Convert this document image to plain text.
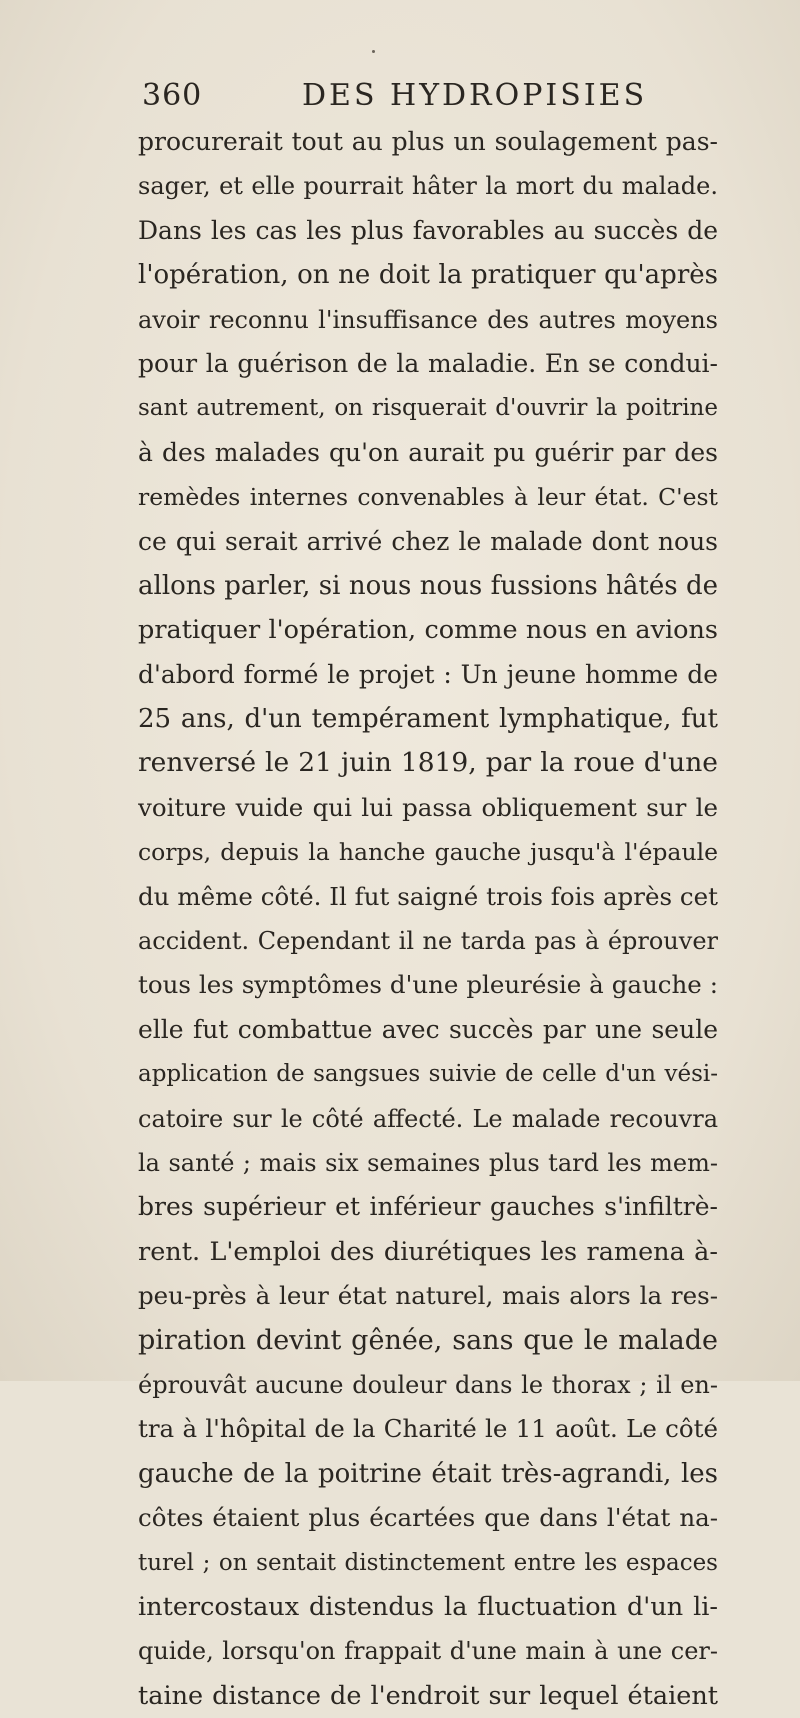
360	DES HYDROPISIES
procurerait tout au plus un soulagement pas-
sager, et elle pourrait hâter la mort du malade.
Dans les cas les plus favorables au succès de
l'opération, on ne doit la pratiquer qu'après
avoir reconnu l'insuffisance des autres moyens
pour la guérison de la maladie. En se condui-
sant autrement, on risquerait d'ouvrir la poitrine
à des malades qu'on aurait pu guérir par des
remèdes internes convenables à leur état. C'est
ce qui serait arrivé chez le malade dont nous
allons parler, si nous nous fussions hâtés de
pratiquer l'opération, comme nous en avions
d'abord formé le projet : Un jeune homme de
25 ans, d'un tempérament lymphatique, fut
renversé le 21 juin 1819, par la roue d'une
voiture vuide qui lui passa obliquement sur le
corps, depuis la hanche gauche jusqu'à l'épaule
du même côté. Il fut saigné trois fois après cet
accident. Cependant il ne tarda pas à éprouver
tous les symptômes d'une pleurésie à gauche :
elle fut combattue avec succès par une seule
application de sangsues suivie de celle d'un vési-
catoire sur le côté affecté. Le malade recouvra
la santé ; mais six semaines plus tard les mem-
bres supérieur et inférieur gauches s'infiltrè-
rent. L'emploi des diurétiques les ramena à-
peu-près à leur état naturel, mais alors la res-
piration devint gênée, sans que le malade
éprouvât aucune douleur dans le thorax ; il en-
tra à l'hôpital de la Charité le 11 août. Le côté
gauche de la poitrine était très-agrandi, les
côtes étaient plus écartées que dans l'état na-
turel ; on sentait distinctement entre les espaces
intercostaux distendus la fluctuation d'un li-
quide, lorsqu'on frappait d'une main à une cer-
taine distance de l'endroit sur lequel étaient
